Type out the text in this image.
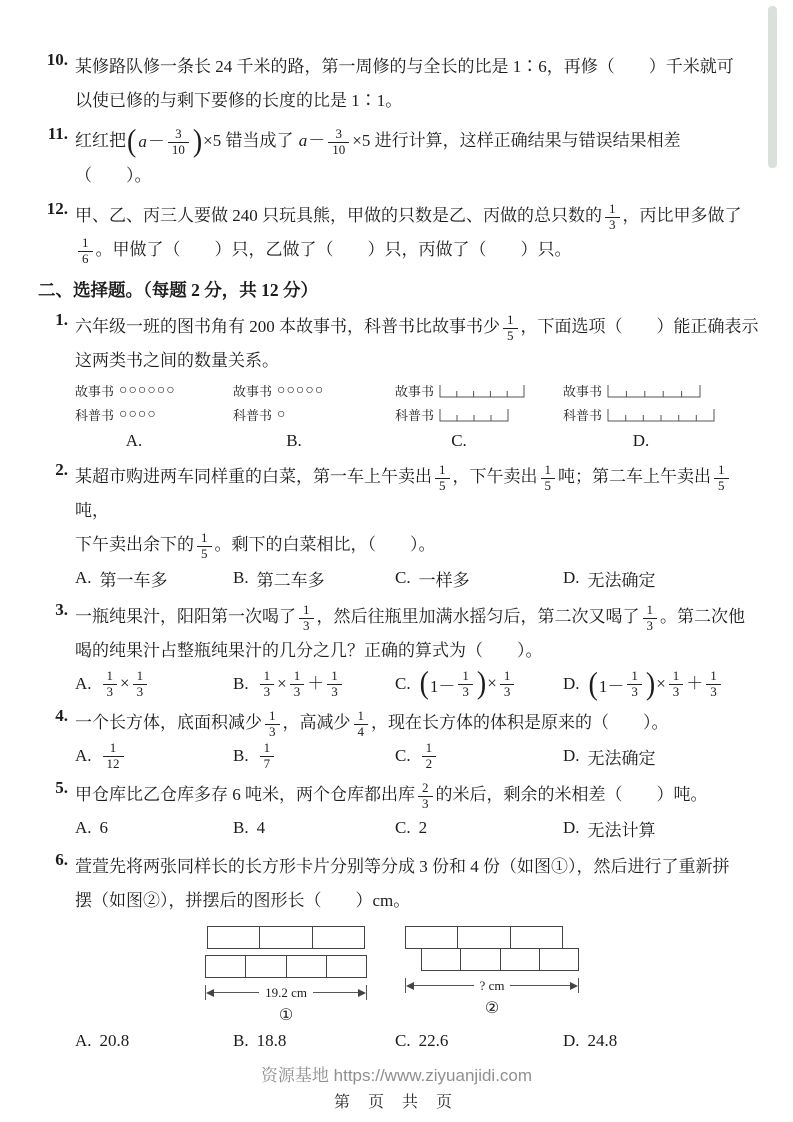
10. 某修路队修一条长 24 千米的路，第一周修的与全长的比是 1∶6，再修（　　）千米就可
以使已修的与剩下要修的长度的比是 1∶1。
11. 红红把 ( $a - \frac{3}{10}$ ) ×5 错当成了 $a- \frac{3}{10} \times 5$ 进行计算，这样正确结果与错误结果相差
（　　）。
12. 甲、乙、丙三人要做 240 只玩具熊，甲做的只数是乙、丙做的总只数的 $\frac{1}{3}$ ，丙比甲多做了
$\frac{1}{6}$ 。甲做了（　　）只，乙做了（　　）只，丙做了（　　）只。
二、选择题。（每题 2 分，共 12 分）
1. 六年级一班的图书角有 200 本故事书，科普书比故事书少 $\frac{1}{5}$ ，下面选项（　　）能正确表示
这两类书之间的数量关系。
故事书 ○○○○○○
科普书 ○○○○
故事书 ○○○○○
科普书 ○
故事书
科普书
故事书
科普书
A.	B.	C.	D.
2. 某超市购进两车同样重的白菜，第一车上午卖出 $\frac{1}{5}$ ，下午卖出 $\frac{1}{5}$ 吨；第二车上午卖出 $\frac{1}{5}$
吨，
下午卖出余下的 $\frac{1}{5}$ 。剩下的白菜相比，（　　）。
A. 第一车多	B. 第二车多	C. 一样多	D. 无法确定
3. 一瓶纯果汁，阳阳第一次喝了 $\frac{1}{3}$ ，然后往瓶里加满水摇匀后，第二次又喝了 $\frac{1}{3}$ 。第二次他
喝的纯果汁占整瓶纯果汁的几分之几？正确的算式为（　　）。
A. $\frac{1}{3} \times \frac{1}{3}$	B. $\frac{1}{3} \times \frac{1}{3} + \frac{1}{3}$	C. ( $1- \frac{1}{3}$ ) × $\frac{1}{3}$	D. ( $1- \frac{1}{3}$ ) × $\frac{1}{3} + \frac{1}{3}$
4. 一个长方体，底面积减少 $\frac{1}{3}$ ，高减少 $\frac{1}{4}$ ，现在长方体的体积是原来的（　　）。
A. $\frac{1}{12}$	B. $\frac{1}{7}$	C. $\frac{1}{2}$	D. 无法确定
5. 甲仓库比乙仓库多存 6 吨米，两个仓库都出库 $\frac{2}{3}$ 的米后，剩余的米相差（　　）吨。
A. 6	B. 4	C. 2	D. 无法计算
6. 萱萱先将两张同样长的长方形卡片分别等分成 3 份和 4 份（如图①），然后进行了重新拼
摆（如图②），拼摆后的图形长（　　）cm。
19.2 cm
①
? cm
②
A. 20.8	B. 18.8	C. 22.6	D. 24.8
资源基地 https://www.ziyuanjidi.com
第 页 共 页
